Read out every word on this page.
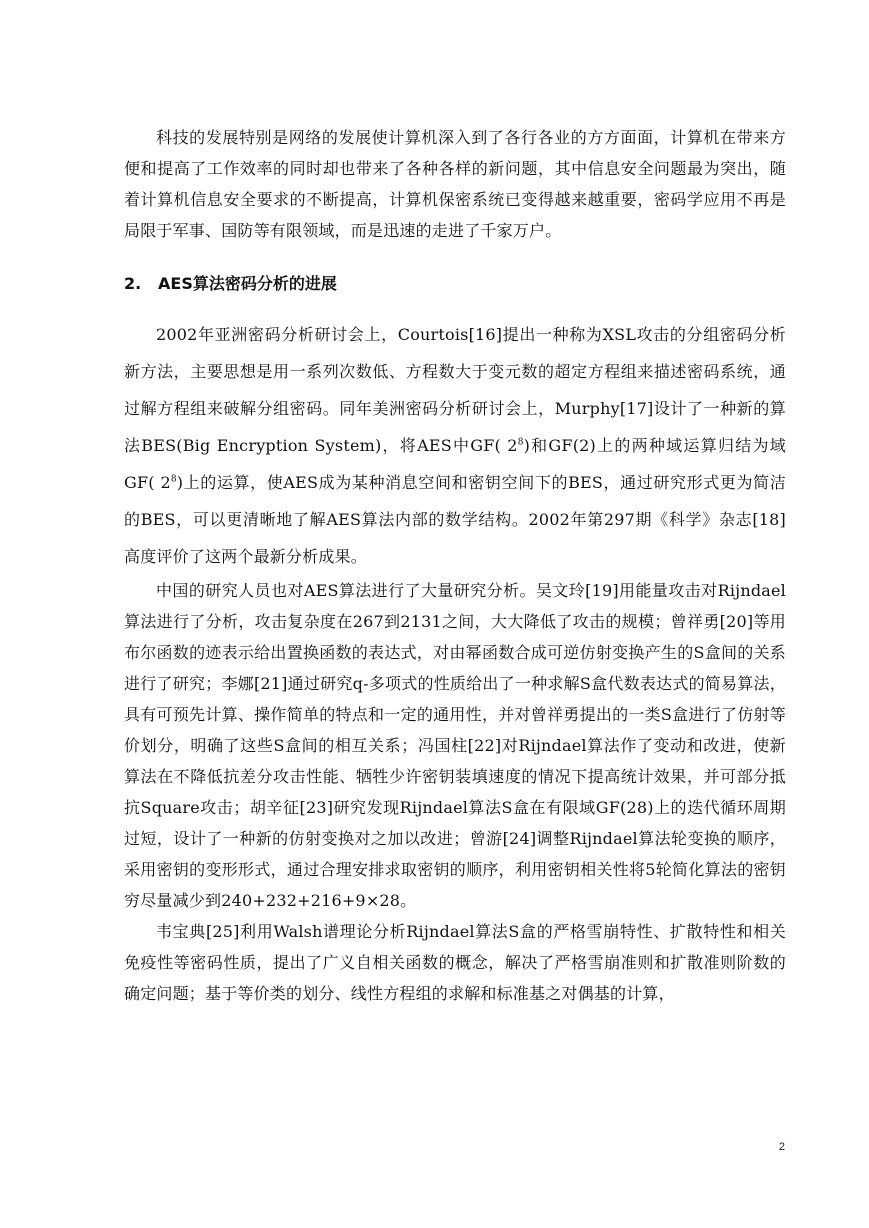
科技的发展特别是网络的发展使计算机深入到了各行各业的方方面面，计算机在带来方便和提高了工作效率的同时却也带来了各种各样的新问题，其中信息安全问题最为突出，随着计算机信息安全要求的不断提高，计算机保密系统已变得越来越重要，密码学应用不再是局限于军事、国防等有限领域，而是迅速的走进了千家万户。

2. AES算法密码分析的进展

2002年亚洲密码分析研讨会上，Courtois[16]提出一种称为XSL攻击的分组密码分析新方法，主要思想是用一系列次数低、方程数大于变元数的超定方程组来描述密码系统，通过解方程组来破解分组密码。同年美洲密码分析研讨会上，Murphy[17]设计了一种新的算法BES(Big Encryption System)，将AES中GF( $2^8$)和GF(2)上的两种域运算归结为域GF( $2^8$)上的运算，使AES成为某种消息空间和密钥空间下的BES，通过研究形式更为简洁的BES，可以更清晰地了解AES算法内部的数学结构。2002年第297期《科学》杂志[18]高度评价了这两个最新分析成果。

中国的研究人员也对AES算法进行了大量研究分析。吴文玲[19]用能量攻击对Rijndael算法进行了分析，攻击复杂度在267到2131之间，大大降低了攻击的规模；曾祥勇[20]等用布尔函数的迹表示给出置换函数的表达式，对由幂函数合成可逆仿射变换产生的S盒间的关系进行了研究；李娜[21]通过研究q-多项式的性质给出了一种求解S盒代数表达式的简易算法，具有可预先计算、操作简单的特点和一定的通用性，并对曾祥勇提出的一类S盒进行了仿射等价划分，明确了这些S盒间的相互关系；冯国柱[22]对Rijndael算法作了变动和改进，使新算法在不降低抗差分攻击性能、牺牲少许密钥装填速度的情况下提高统计效果，并可部分抵抗Square攻击；胡辛征[23]研究发现Rijndael算法S盒在有限域GF(28)上的迭代循环周期过短，设计了一种新的仿射变换对之加以改进；曾游[24]调整Rijndael算法轮变换的顺序，采用密钥的变形形式，通过合理安排求取密钥的顺序，利用密钥相关性将5轮简化算法的密钥穷尽量减少到240+232+216+9×28。

韦宝典[25]利用Walsh谱理论分析Rijndael算法S盒的严格雪崩特性、扩散特性和相关免疫性等密码性质，提出了广义自相关函数的概念，解决了严格雪崩准则和扩散准则阶数的确定问题；基于等价类的划分、线性方程组的求解和标准基之对偶基的计算，

2
